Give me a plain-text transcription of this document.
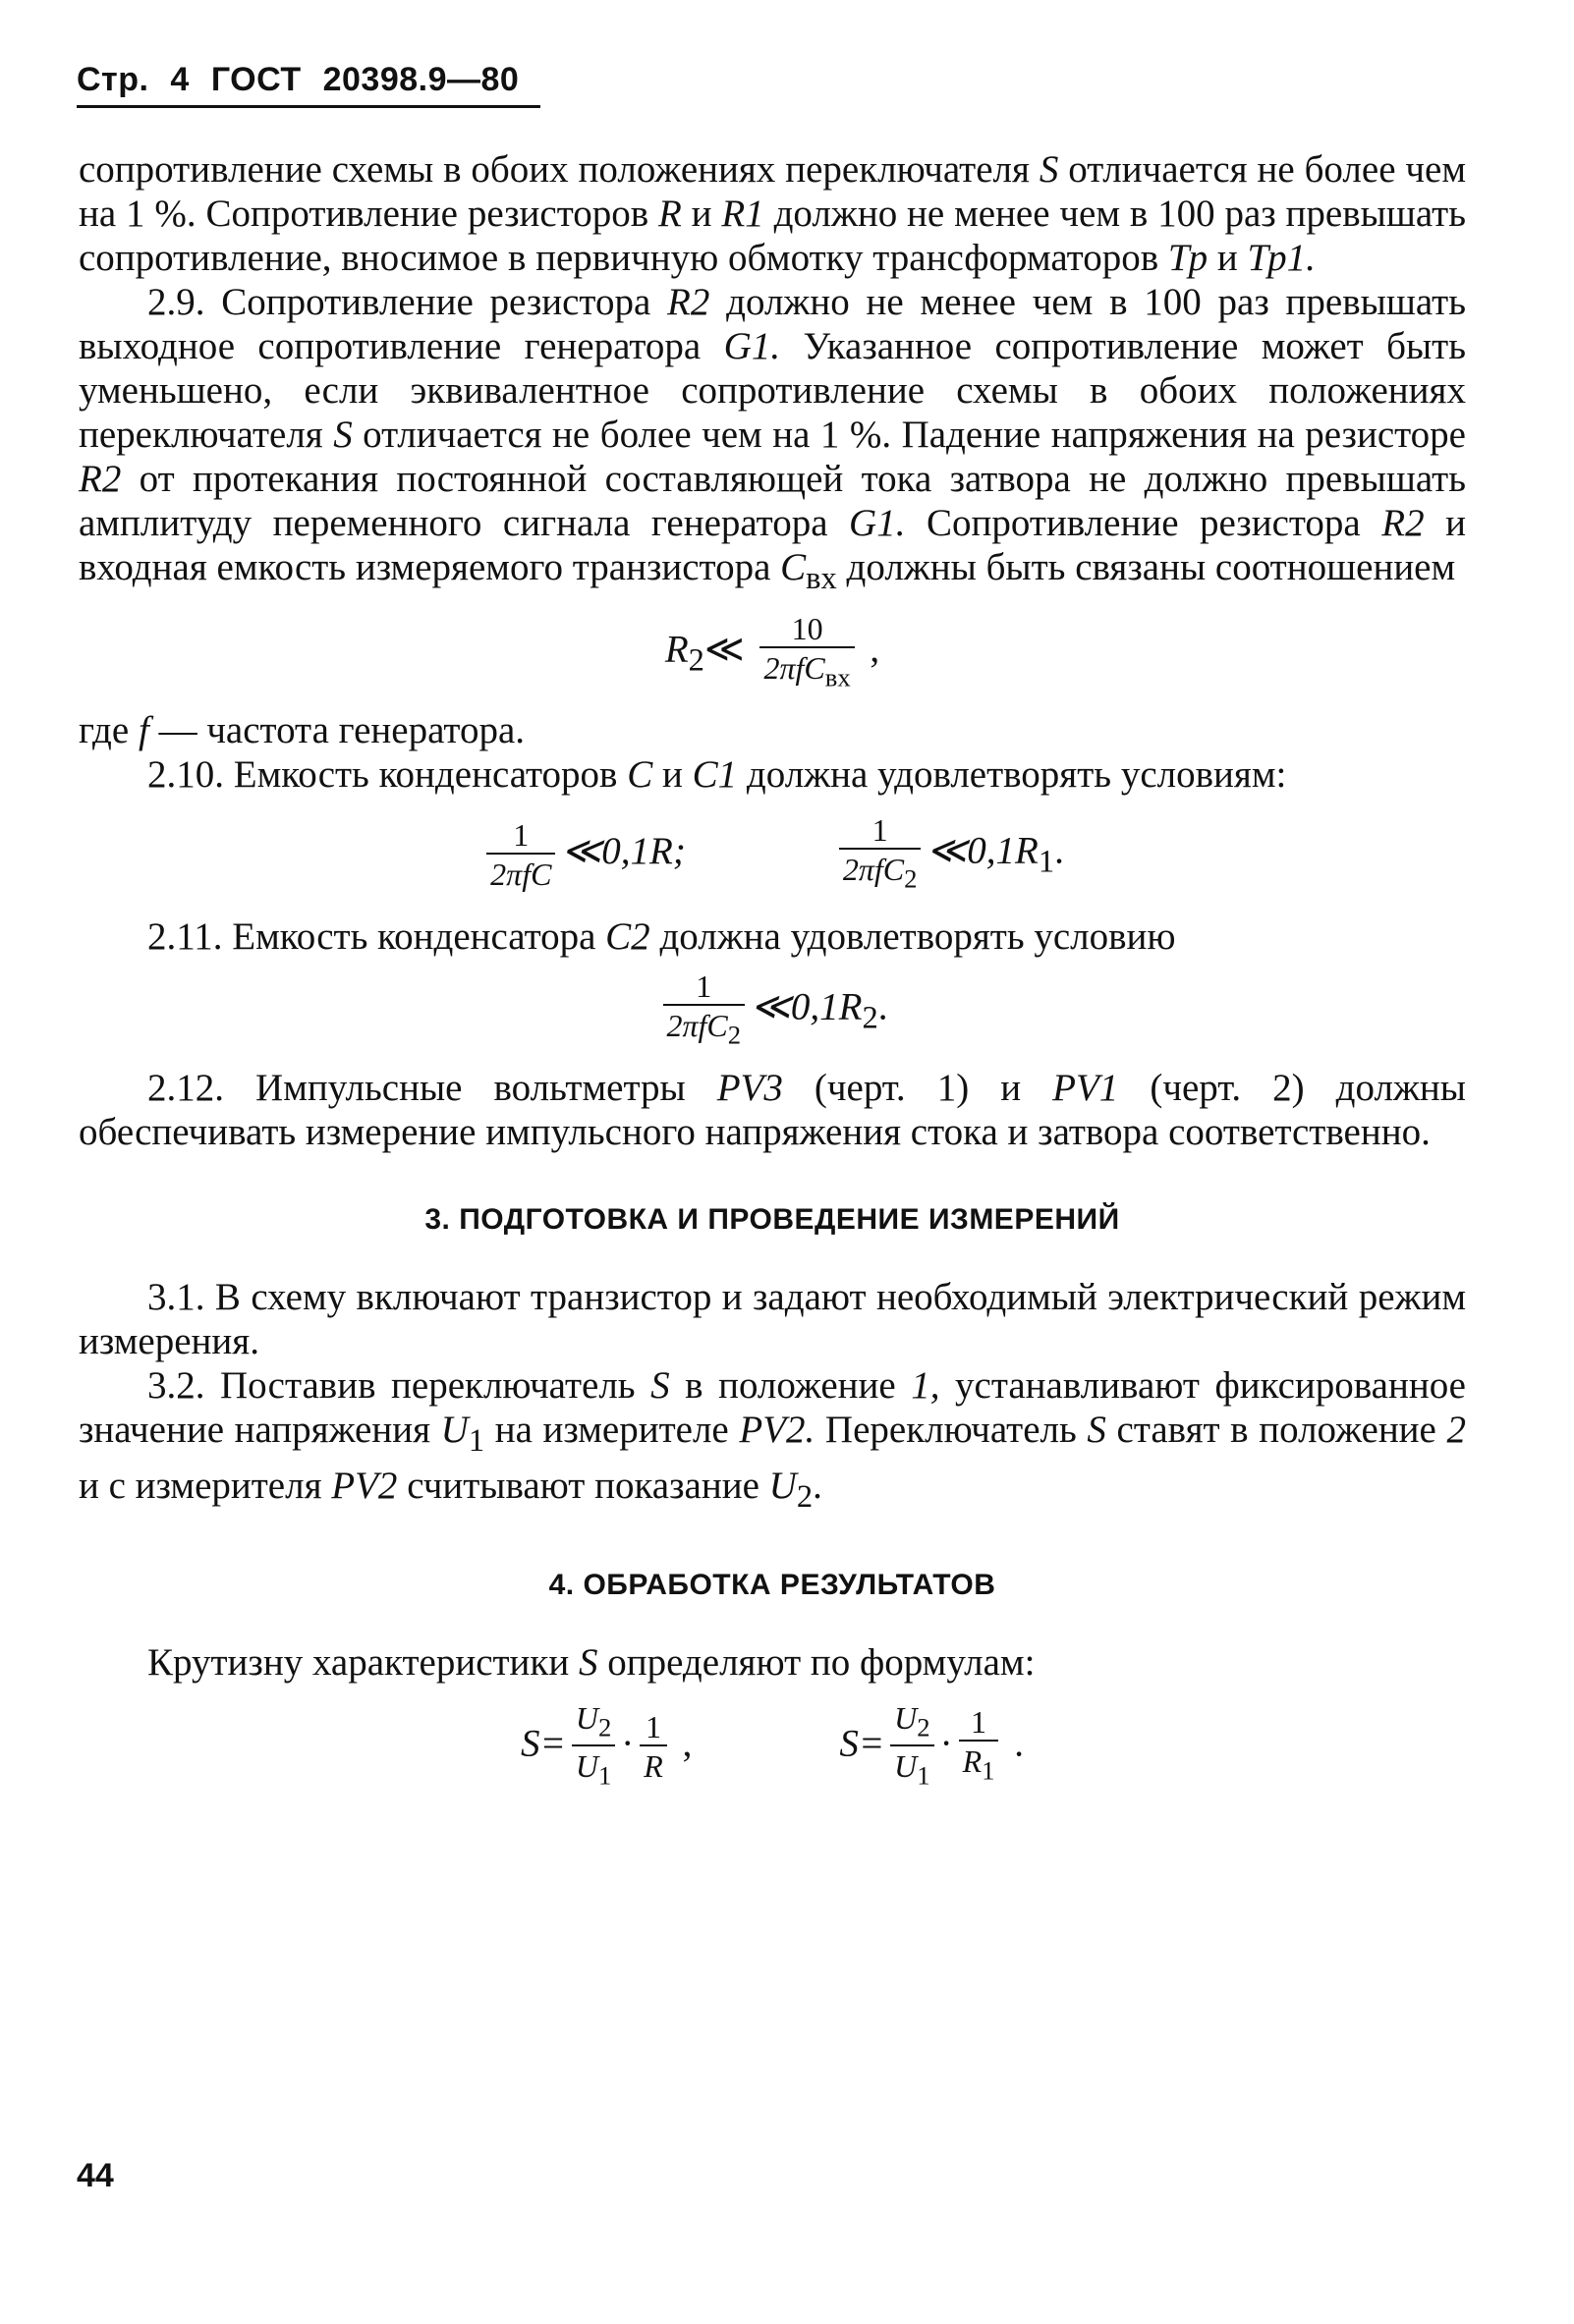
Стр. 4 ГОСТ 20398.9—80

сопротивление схемы в обоих положениях переключателя S отличается не более чем на 1 %. Сопротивление резисторов R и R1 должно не менее чем в 100 раз превышать сопротивление, вносимое в первичную обмотку трансформаторов Тр и Тр1.

2.9. Сопротивление резистора R2 должно не менее чем в 100 раз превышать выходное сопротивление генератора G1. Указанное сопротивление может быть уменьшено, если эквивалентное сопротивление схемы в обоих положениях переключателя S отличается не более чем на 1 %. Падение напряжения на резисторе R2 от протекания постоянной составляющей тока затвора не должно превышать амплитуду переменного сигнала генератора G1. Сопротивление резистора R2 и входная емкость измеряемого транзистора $С_{вх}$ должны быть связаны соотношением

$R_2≪ \frac{10}{2\pi fC_{вх}}$ ,

где f — частота генератора.

2.10. Емкость конденсаторов С и С1 должна удовлетворять условиям:

$\frac{1}{\text{2πfC}}$ ≪0,1R;	$\frac{1}{2\pi fC_2}$ $≪0,1R_1$.

2.11. Емкость конденсатора С2 должна удовлетворять условию

$\frac{1}{2\pi fC_2}$ $≪0,1R_2$.

2.12. Импульсные вольтметры PV3 (черт. 1) и PV1 (черт. 2) должны обеспечивать измерение импульсного напряжения стока и затвора соответственно.

3. ПОДГОТОВКА И ПРОВЕДЕНИЕ ИЗМЕРЕНИЙ

3.1. В схему включают транзистор и задают необходимый электрический режим измерения.

3.2. Поставив переключатель S в положение 1, устанавливают фиксированное значение напряжения $U_1$ на измерителе PV2. Переключатель S ставят в положение 2 и с измерителя PV2 считывают показание $U_2$.

4. ОБРАБОТКА РЕЗУЛЬТАТОВ

Крутизну характеристики S определяют по формулам:

$S= \frac{U_2}{U_1} \cdot \frac{1}{R}$ ,	$S= \frac{U_2}{U_1} \cdot \frac{1}{R_1}$ .
44
